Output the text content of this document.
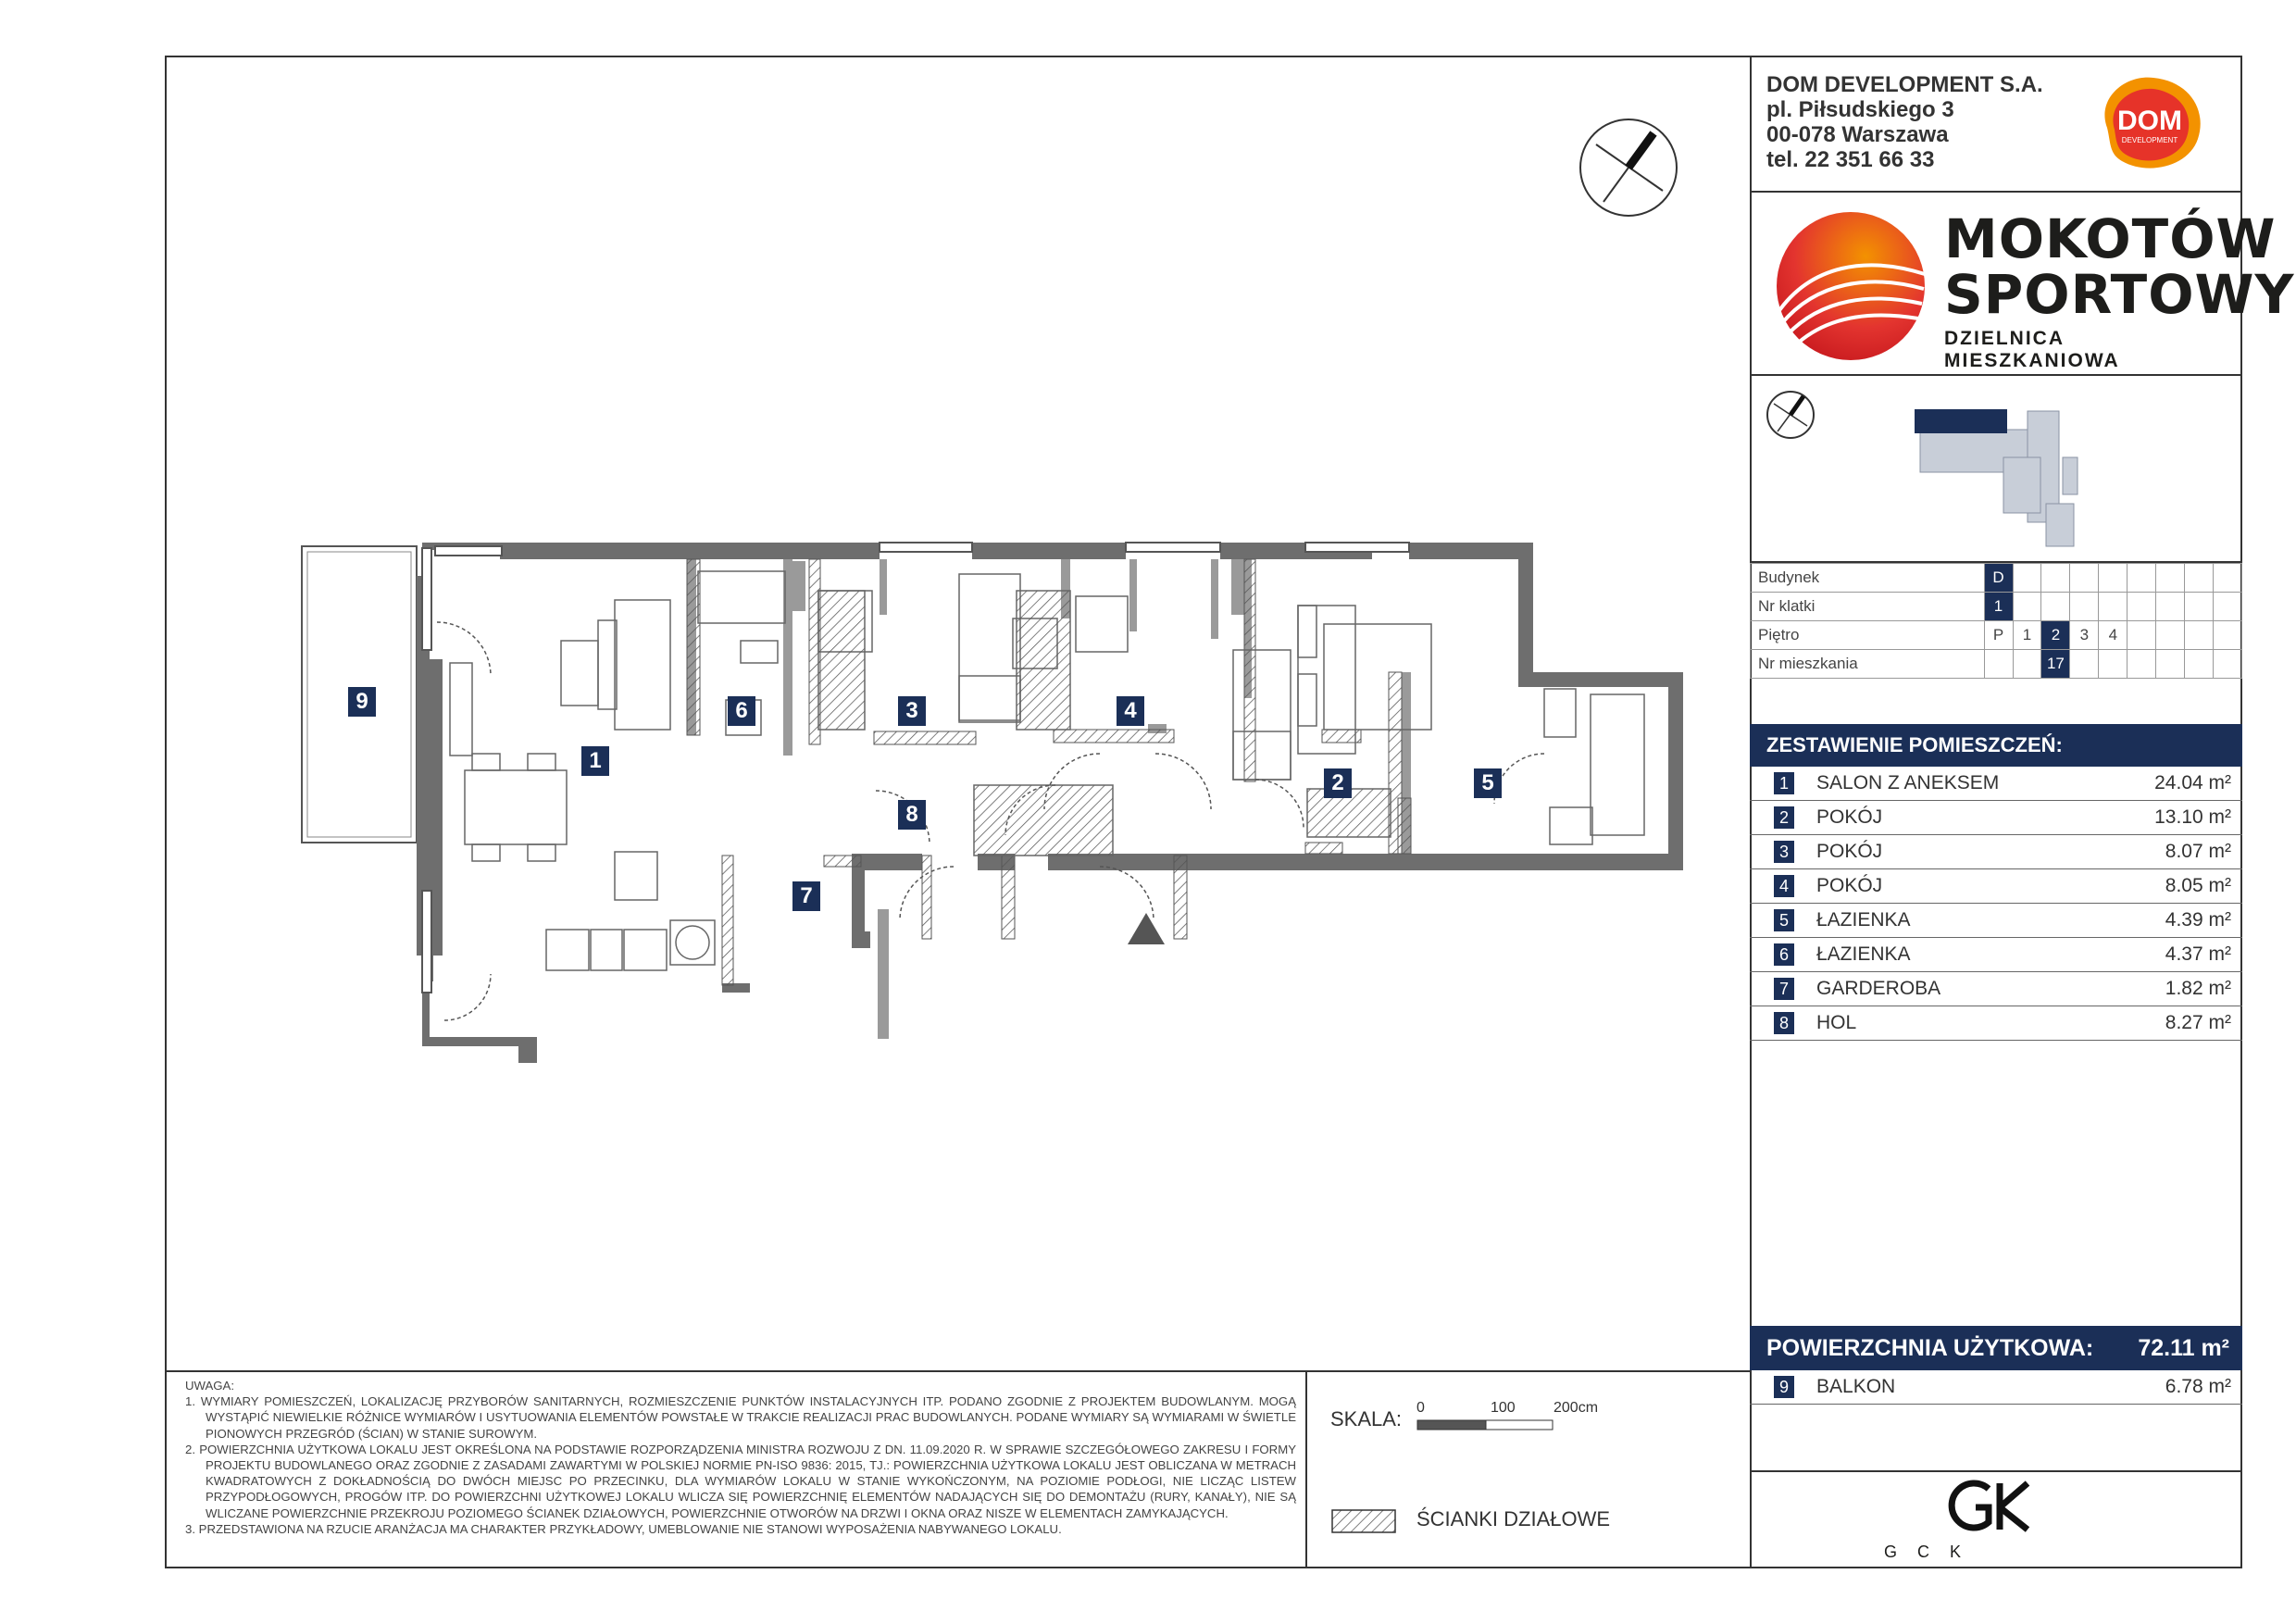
1
2
3	4
5
6
7
8
9

UWAGA:

1. WYMIARY POMIESZCZEŃ, LOKALIZACJĘ PRZYBORÓW SANITARNYCH, ROZMIESZCZENIE PUNKTÓW INSTALACYJNYCH ITP. PODANO ZGODNIE Z PROJEKTEM BUDOWLANYM. MOGĄ WYSTĄPIĆ NIEWIELKIE RÓŻNICE WYMIARÓW I USYTUOWANIA ELEMENTÓW POWSTAŁE W TRAKCIE REALIZACJI PRAC BUDOWLANYCH. PODANE WYMIARY SĄ WYMIARAMI W ŚWIETLE PIONOWYCH PRZEGRÓD (ŚCIAN) W STANIE SUROWYM.

2. POWIERZCHNIA UŻYTKOWA LOKALU JEST OKREŚLONA NA PODSTAWIE ROZPORZĄDZENIA MINISTRA ROZWOJU Z DN. 11.09.2020 R. W SPRAWIE SZCZEGÓŁOWEGO ZAKRESU I FORMY PROJEKTU BUDOWLANEGO ORAZ ZGODNIE Z ZASADAMI ZAWARTYMI W POLSKIEJ NORMIE PN-ISO 9836: 2015, TJ.: POWIERZCHNIA UŻYTKOWA LOKALU JEST OBLICZANA W METRACH KWADRATOWYCH Z DOKŁADNOŚCIĄ DO DWÓCH MIEJSC PO PRZECINKU, DLA WYMIARÓW LOKALU W STANIE WYKOŃCZONYM, NA POZIOMIE PODŁOGI, NIE LICZĄC LISTEW PRZYPODŁOGOWYCH, PROGÓW ITP. DO POWIERZCHNI UŻYTKOWEJ LOKALU WLICZA SIĘ POWIERZCHNIĘ ELEMENTÓW NADAJĄCYCH SIĘ DO DEMONTAŻU (RURY, KANAŁY), NIE SĄ WLICZANE POWIERZCHNIE PRZEKROJU POZIOMEGO ŚCIANEK DZIAŁOWYCH, POWIERZCHNIE OTWORÓW NA DRZWI I OKNA ORAZ NISZE W ELEMENTACH ZAMYKAJĄCYCH.

3. PRZEDSTAWIONA NA RZUCIE ARANŻACJA MA CHARAKTER PRZYKŁADOWY, UMEBLOWANIE NIE STANOWI WYPOSAŻENIA NABYWANEGO LOKALU.

SKALA: 0	100	200cm
ŚCIANKI DZIAŁOWE
DOM DEVELOPMENT S.A.
pl. Piłsudskiego 3
00-078 Warszawa
tel. 22 351 66 33
DOM
DEVELOPMENT
MOKOTÓW
SPORTOWY
DZIELNICA MIESZKANIOWA
Budynek	D								
Nr klatki	1								
Piętro	P	1	2	3	4				
Nr mieszkania			17						
ZESTAWIENIE POMIESZCZEŃ:
1 SALON Z ANEKSEM	24.04 m²
2 POKÓJ	13.10 m²
3 POKÓJ	8.07 m²
4 POKÓJ	8.05 m²
5 ŁAZIENKA	4.39 m²
6 ŁAZIENKA	4.37 m²
7 GARDEROBA	1.82 m²
8 HOL	8.27 m²
POWIERZCHNIA UŻYTKOWA: 72.11 m²
9 BALKON	6.78 m²
GCK
